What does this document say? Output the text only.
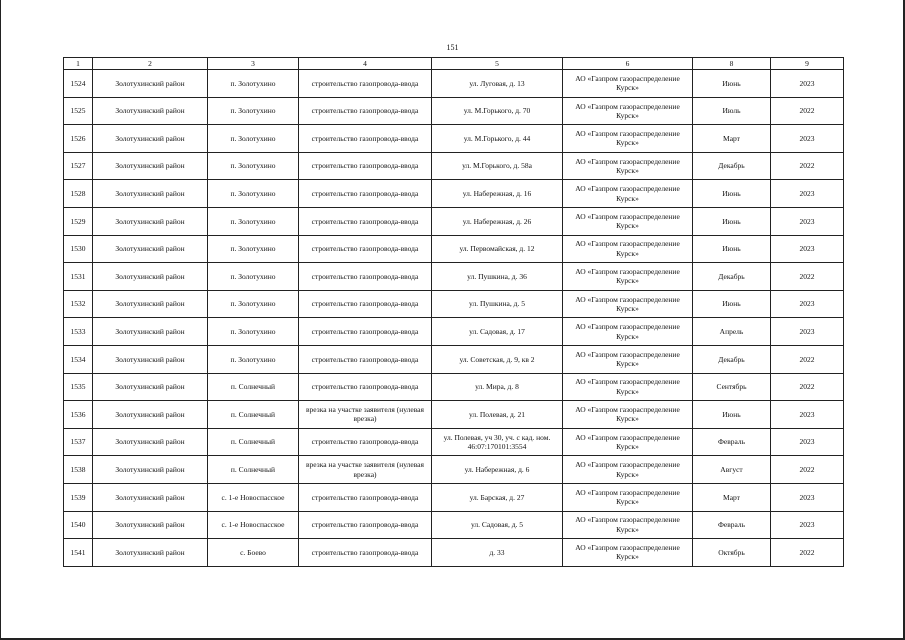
151
1	2	3	4	5	6	8	9
1524	Золотухинский район	п. Золотухино	строительство газопровода-ввода	ул. Луговая, д. 13	АО «Газпром газораспределение Курск»	Июнь	2023
1525	Золотухинский район	п. Золотухино	строительство газопровода-ввода	ул. М.Горького, д. 70	АО «Газпром газораспределение Курск»	Июль	2022
1526	Золотухинский район	п. Золотухино	строительство газопровода-ввода	ул. М.Горького, д. 44	АО «Газпром газораспределение Курск»	Март	2023
1527	Золотухинский район	п. Золотухино	строительство газопровода-ввода	ул. М.Горького, д. 58а	АО «Газпром газораспределение Курск»	Декабрь	2022
1528	Золотухинский район	п. Золотухино	строительство газопровода-ввода	ул. Набережная, д. 16	АО «Газпром газораспределение Курск»	Июнь	2023
1529	Золотухинский район	п. Золотухино	строительство газопровода-ввода	ул. Набережная, д. 26	АО «Газпром газораспределение Курск»	Июнь	2023
1530	Золотухинский район	п. Золотухино	строительство газопровода-ввода	ул. Первомайская, д. 12	АО «Газпром газораспределение Курск»	Июнь	2023
1531	Золотухинский район	п. Золотухино	строительство газопровода-ввода	ул. Пушкина, д. 36	АО «Газпром газораспределение Курск»	Декабрь	2022
1532	Золотухинский район	п. Золотухино	строительство газопровода-ввода	ул. Пушкина, д. 5	АО «Газпром газораспределение Курск»	Июнь	2023
1533	Золотухинский район	п. Золотухино	строительство газопровода-ввода	ул. Садовая, д. 17	АО «Газпром газораспределение Курск»	Апрель	2023
1534	Золотухинский район	п. Золотухино	строительство газопровода-ввода	ул. Советская, д. 9, кв 2	АО «Газпром газораспределение Курск»	Декабрь	2022
1535	Золотухинский район	п. Солнечный	строительство газопровода-ввода	ул. Мира, д. 8	АО «Газпром газораспределение Курск»	Сентябрь	2022
1536	Золотухинский район	п. Солнечный	врезка на участке заявителя (нулевая врезка)	ул. Полевая, д. 21	АО «Газпром газораспределение Курск»	Июнь	2023
1537	Золотухинский район	п. Солнечный	строительство газопровода-ввода	ул. Полевая, уч 30, уч. с кад. ном. 46:07:170101:3554	АО «Газпром газораспределение Курск»	Февраль	2023
1538	Золотухинский район	п. Солнечный	врезка на участке заявителя (нулевая врезка)	ул. Набережная, д. 6	АО «Газпром газораспределение Курск»	Август	2022
1539	Золотухинский район	с. 1-е Новоспасское	строительство газопровода-ввода	ул. Барская, д. 27	АО «Газпром газораспределение Курск»	Март	2023
1540	Золотухинский район	с. 1-е Новоспасское	строительство газопровода-ввода	ул. Садовая, д. 5	АО «Газпром газораспределение Курск»	Февраль	2023
1541	Золотухинский район	с. Боево	строительство газопровода-ввода	д. 33	АО «Газпром газораспределение Курск»	Октябрь	2022
